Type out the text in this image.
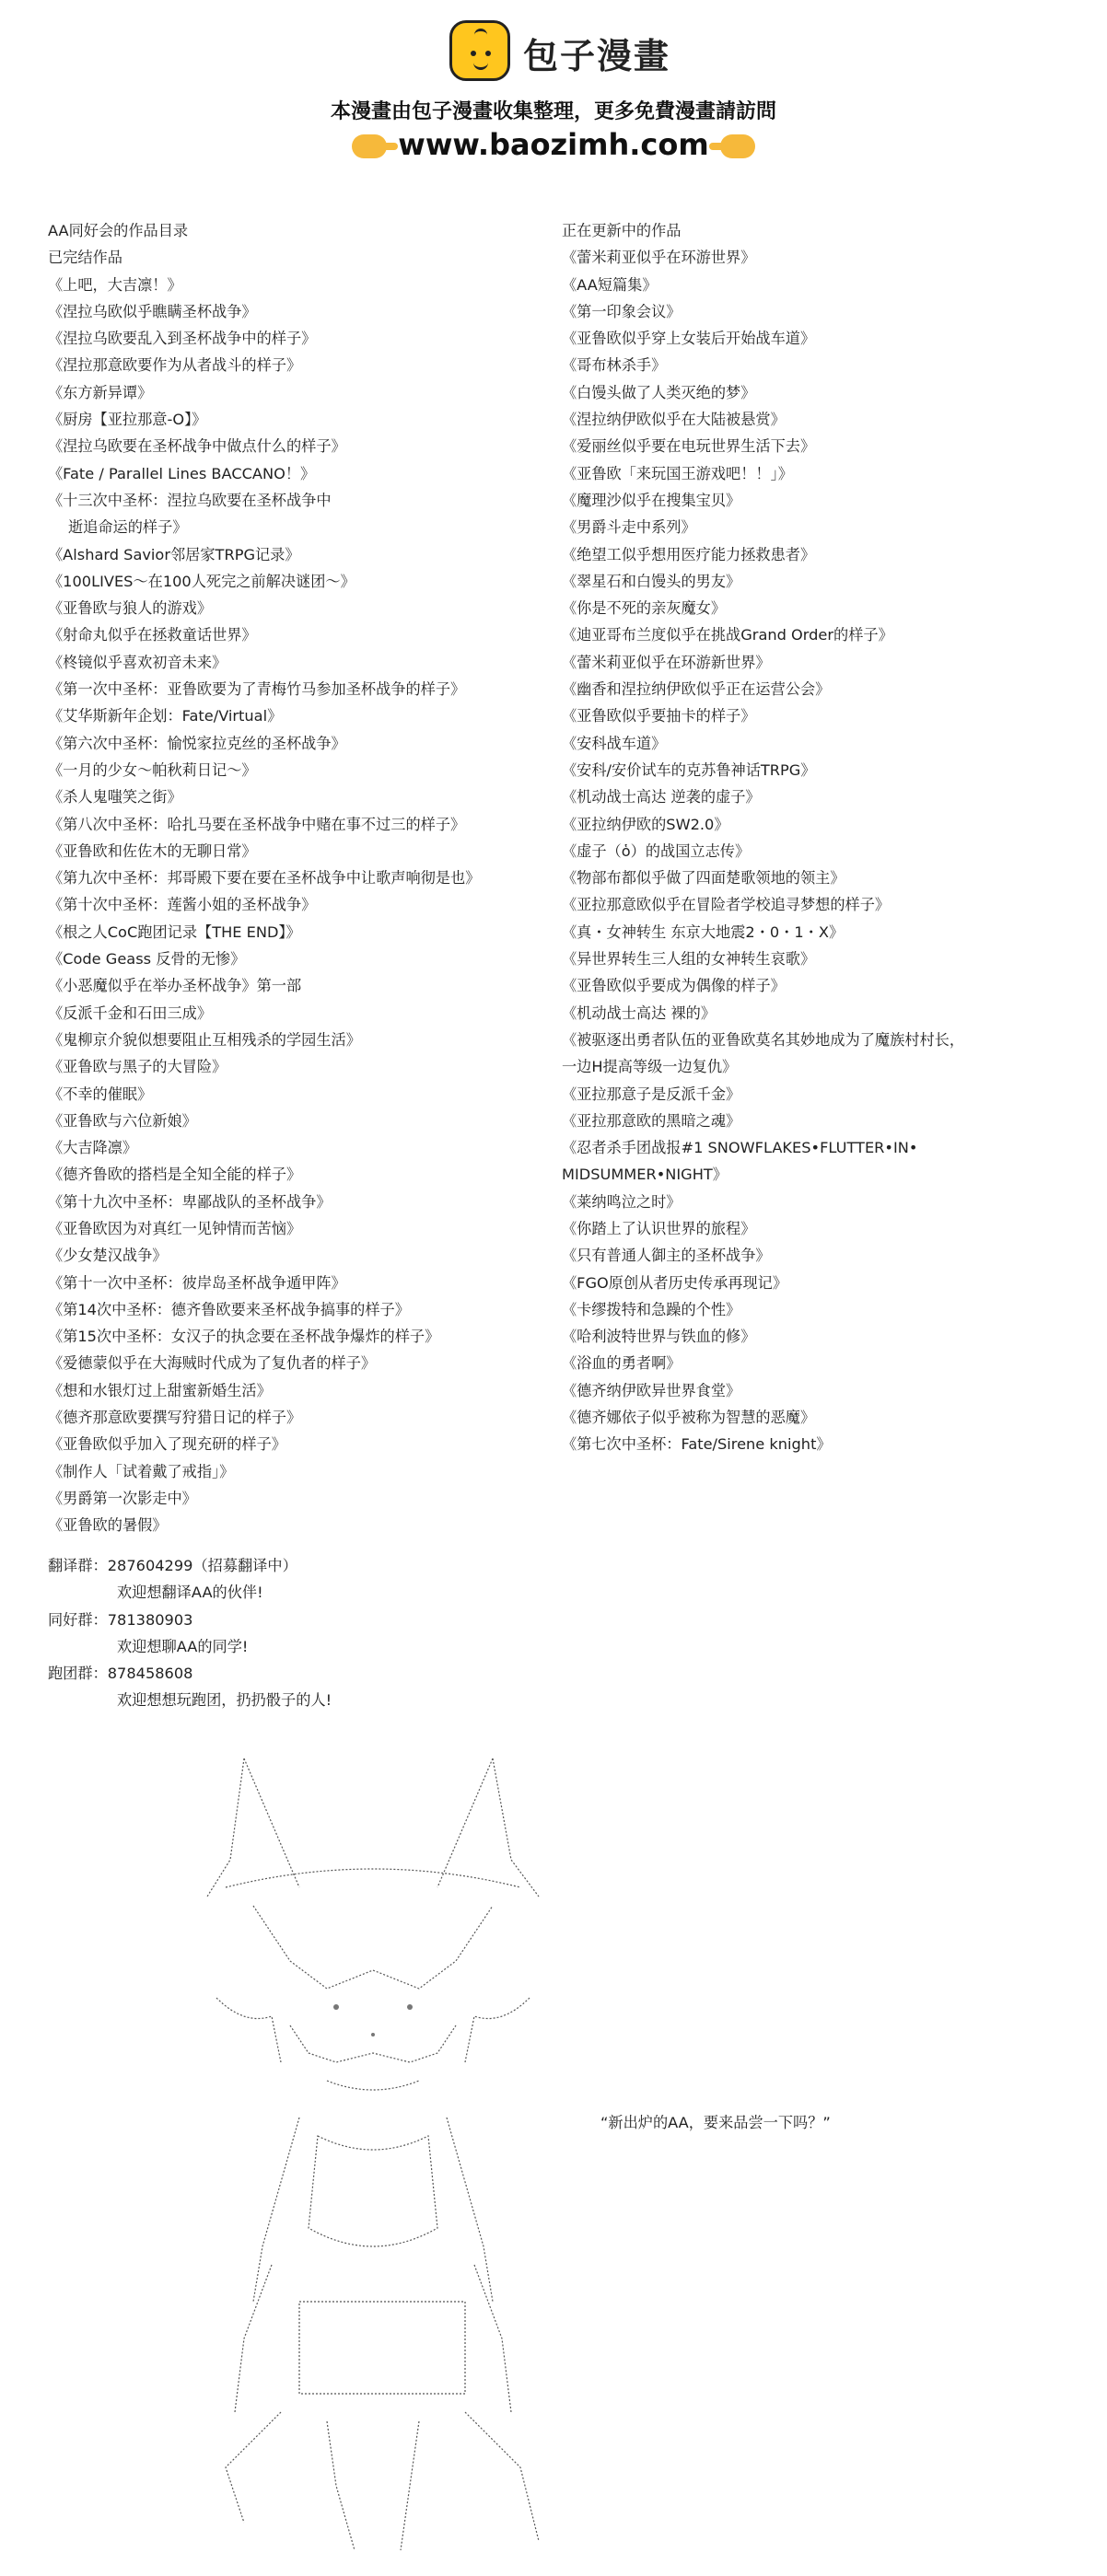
包子漫畫
本漫畫由包子漫畫收集整理，更多免費漫畫請訪問
www.baozimh.com
AA同好会的作品目录
已完结作品
《上吧，大吉凛！》
《涅拉乌欧似乎瞧瞒圣杯战争》
《涅拉乌欧要乱入到圣杯战争中的样子》
《涅拉那意欧要作为从者战斗的样子》
《东方新异谭》
《厨房【亚拉那意-O】》
《涅拉乌欧要在圣杯战争中做点什么的样子》
《Fate / Parallel Lines BACCANO！》
《十三次中圣杯：涅拉乌欧要在圣杯战争中
逝追命运的样子》
《Alshard Savior邻居家TRPG记录》
《100LIVES～在100人死完之前解决谜团～》
《亚鲁欧与狼人的游戏》
《射命丸似乎在拯救童话世界》
《柊镜似乎喜欢初音未来》
《第一次中圣杯：亚鲁欧要为了青梅竹马参加圣杯战争的样子》
《艾华斯新年企划：Fate/Virtual》
《第六次中圣杯：愉悦家拉克丝的圣杯战争》
《一月的少女～帕秋莉日记～》
《杀人鬼嗤笑之街》
《第八次中圣杯：哈扎马要在圣杯战争中赌在事不过三的样子》
《亚鲁欧和佐佐木的无聊日常》
《第九次中圣杯：邦哥殿下要在要在圣杯战争中让歌声响彻是也》
《第十次中圣杯：莲酱小姐的圣杯战争》
《根之人CoC跑团记录【THE END】》
《Code Geass 反骨的无惨》
《小恶魔似乎在举办圣杯战争》第一部
《反派千金和石田三成》
《鬼柳京介貌似想要阻止互相残杀的学园生活》
《亚鲁欧与黑子的大冒险》
《不幸的催眠》
《亚鲁欧与六位新娘》
《大吉降凛》
《德齐鲁欧的搭档是全知全能的样子》
《第十九次中圣杯：卑鄙战队的圣杯战争》
《亚鲁欧因为对真红一见钟情而苦恼》
《少女楚汉战争》
《第十一次中圣杯：彼岸岛圣杯战争遁甲阵》
《第14次中圣杯：德齐鲁欧要来圣杯战争搞事的样子》
《第15次中圣杯：女汉子的执念要在圣杯战争爆炸的样子》
《爱德蒙似乎在大海贼时代成为了复仇者的样子》
《想和水银灯过上甜蜜新婚生活》
《德齐那意欧要撰写狩猎日记的样子》
《亚鲁欧似乎加入了现充研的样子》
《制作人「试着戴了戒指」》
《男爵第一次影走中》
《亚鲁欧的暑假》
正在更新中的作品
《蕾米莉亚似乎在环游世界》
《AA短篇集》
《第一印象会议》
《亚鲁欧似乎穿上女装后开始战车道》
《哥布林杀手》
《白馒头做了人类灭绝的梦》
《涅拉纳伊欧似乎在大陆被悬赏》
《爱丽丝似乎要在电玩世界生活下去》
《亚鲁欧「来玩国王游戏吧！！」》
《魔理沙似乎在搜集宝贝》
《男爵斗走中系列》
《绝望工似乎想用医疗能力拯救患者》
《翠星石和白馒头的男友》
《你是不死的亲灰魔女》
《迪亚哥布兰度似乎在挑战Grand Order的样子》
《蕾米莉亚似乎在环游新世界》
《幽香和涅拉纳伊欧似乎正在运营公会》
《亚鲁欧似乎要抽卡的样子》
《安科战车道》
《安科/安价试车的克苏鲁神话TRPG》
《机动战士高达 逆袭的虚子》
《亚拉纳伊欧的SW2.0》
《虚子（ὁ）的战国立志传》
《物部布都似乎做了四面楚歌领地的领主》
《亚拉那意欧似乎在冒险者学校追寻梦想的样子》
《真・女神转生 东京大地震2・0・1・X》
《异世界转生三人组的女神转生哀歌》
《亚鲁欧似乎要成为偶像的样子》
《机动战士高达 裸的》
《被驱逐出勇者队伍的亚鲁欧莫名其妙地成为了魔族村村长，
一边H提高等级一边复仇》
《亚拉那意子是反派千金》
《亚拉那意欧的黑暗之魂》
《忍者杀手团战报#1 SNOWFLAKES•FLUTTER•IN•
MIDSUMMER•NIGHT》
《莱纳鸣泣之时》
《你踏上了认识世界的旅程》
《只有普通人御主的圣杯战争》
《FGO原创从者历史传承再现记》
《卡缪拨特和急躁的个性》
《哈利波特世界与铁血的修》
《浴血的勇者啊》
《德齐纳伊欧异世界食堂》
《德齐娜依子似乎被称为智慧的恶魔》
《第七次中圣杯：Fate/Sirene knight》
翻译群：287604299（招募翻译中）
欢迎想翻译AA的伙伴!
同好群：781380903
欢迎想聊AA的同学!
跑团群：878458608
欢迎想想玩跑团，扔扔骰子的人!
“新出炉的AA，要来品尝一下吗？”
